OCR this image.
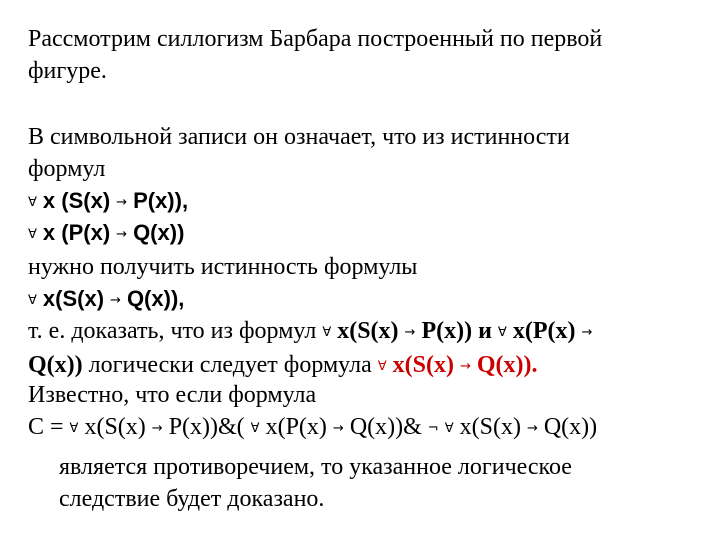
Рассмотрим силлогизм Барбара построенный по первой
фигуре.
В символьной записи он означает, что из истинности
формул
∀ x (S(x) → P(x)),
∀ x (P(x) → Q(x))
нужно получить истинность формулы
∀ x(S(x) → Q(x)),
т. е. доказать, что из формул ∀ x(S(x) → P(x)) и ∀ x(P(x) →
Q(x)) логически следует формула ∀ x(S(x) → Q(x)).
Известно, что если формула
C = ∀ x(S(x) → P(x))&( ∀ x(P(x) → Q(x))& ¬ ∀ x(S(x) → Q(x))
является противоречием, то указанное логическое
следствие будет доказано.
